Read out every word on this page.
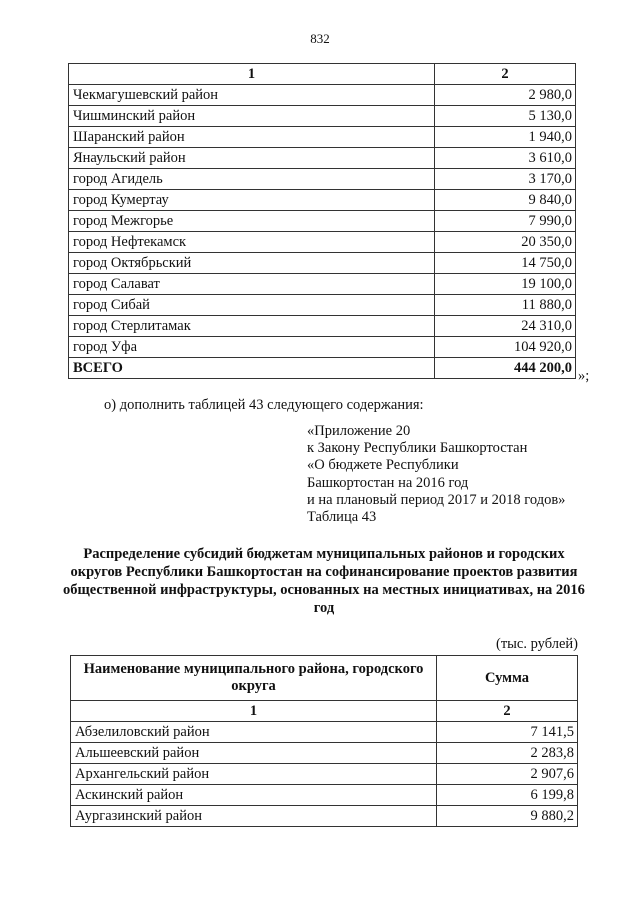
832
1	2
Чекмагушевский район	2 980,0
Чишминский район	5 130,0
Шаранский район	1 940,0
Янаульский район	3 610,0
город Агидель	3 170,0
город Кумертау	9 840,0
город Межгорье	7 990,0
город Нефтекамск	20 350,0
город Октябрьский	14 750,0
город Салават	19 100,0
город Сибай	11 880,0
город Стерлитамак	24 310,0
город Уфа	104 920,0
ВСЕГО	444 200,0
»;
о) дополнить таблицей 43 следующего содержания:
«Приложение 20
к Закону Республики Башкортостан
«О бюджете Республики
Башкортостан на 2016 год
и на плановый период 2017 и 2018 годов»
Таблица 43
Распределение субсидий бюджетам муниципальных районов и городских округов Республики Башкортостан на софинансирование проектов развития общественной инфраструктуры, основанных на местных инициативах, на 2016 год
(тыс. рублей)
Наименование муниципального района, городского округа	Сумма
1	2
Абзелиловский район	7 141,5
Альшеевский район	2 283,8
Архангельский район	2 907,6
Аскинский район	6 199,8
Аургазинский район	9 880,2
